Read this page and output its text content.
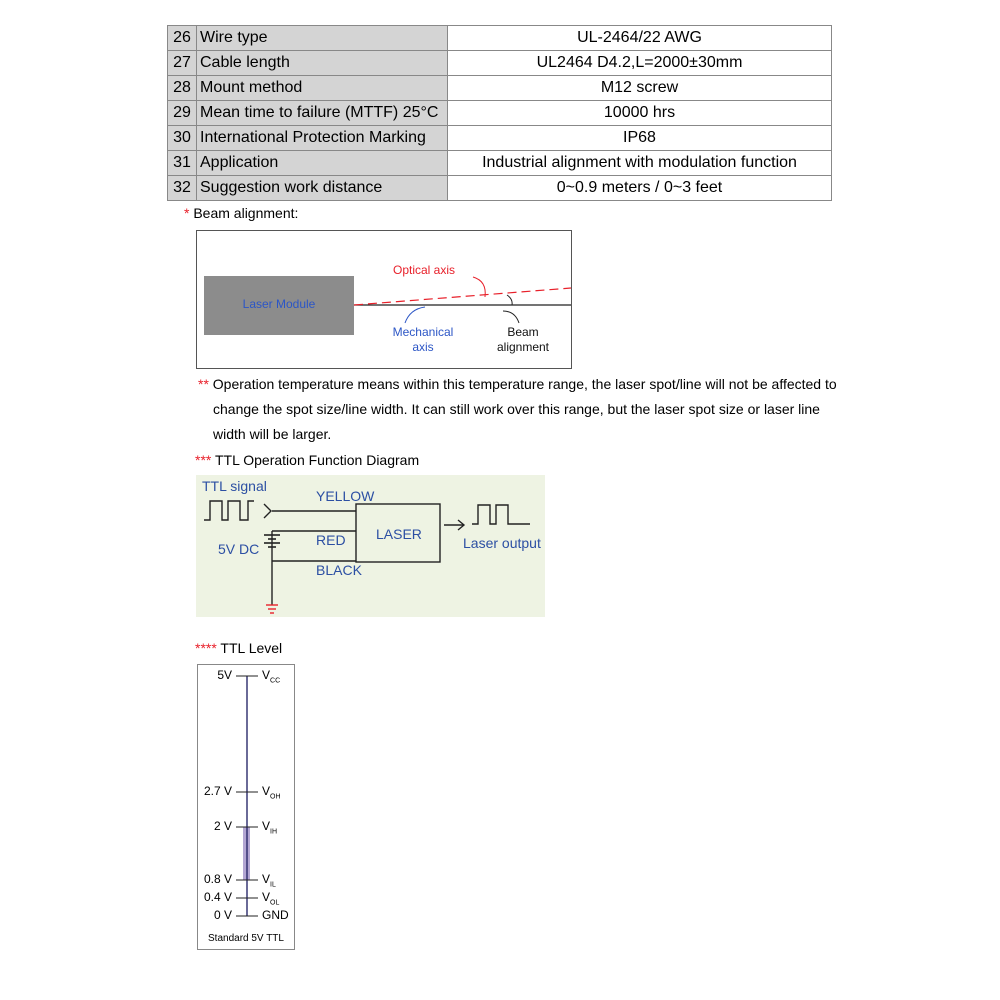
26	Wire type	UL-2464/22 AWG
27	Cable length	UL2464 D4.2,L=2000±30mm
28	Mount method	M12 screw
29	Mean time to failure (MTTF) 25°C	10000 hrs
30	International Protection Marking	IP68
31	Application	Industrial alignment with modulation function
32	Suggestion work distance	0~0.9 meters / 0~3 feet
* Beam alignment:
Laser Module
Optical axis
Mechanical
axis
Beam
alignment
** Operation temperature means within this temperature range, the laser spot/line will not be affected to
change the spot size/line width. It can still work over this range, but the laser spot size or laser line
width will be larger.
*** TTL Operation Function Diagram
TTL signal
YELLOW
LASER
RED
BLACK
5V DC	Laser output
**** TTL Level
5V	$V_{CC}$
2.7 V	$V_{OH}$
2 V	$V_{IH}$
0.8 V	$V_{IL}$
0.4 V	$V_{OL}$
0 V	GND
Standard 5V TTL
